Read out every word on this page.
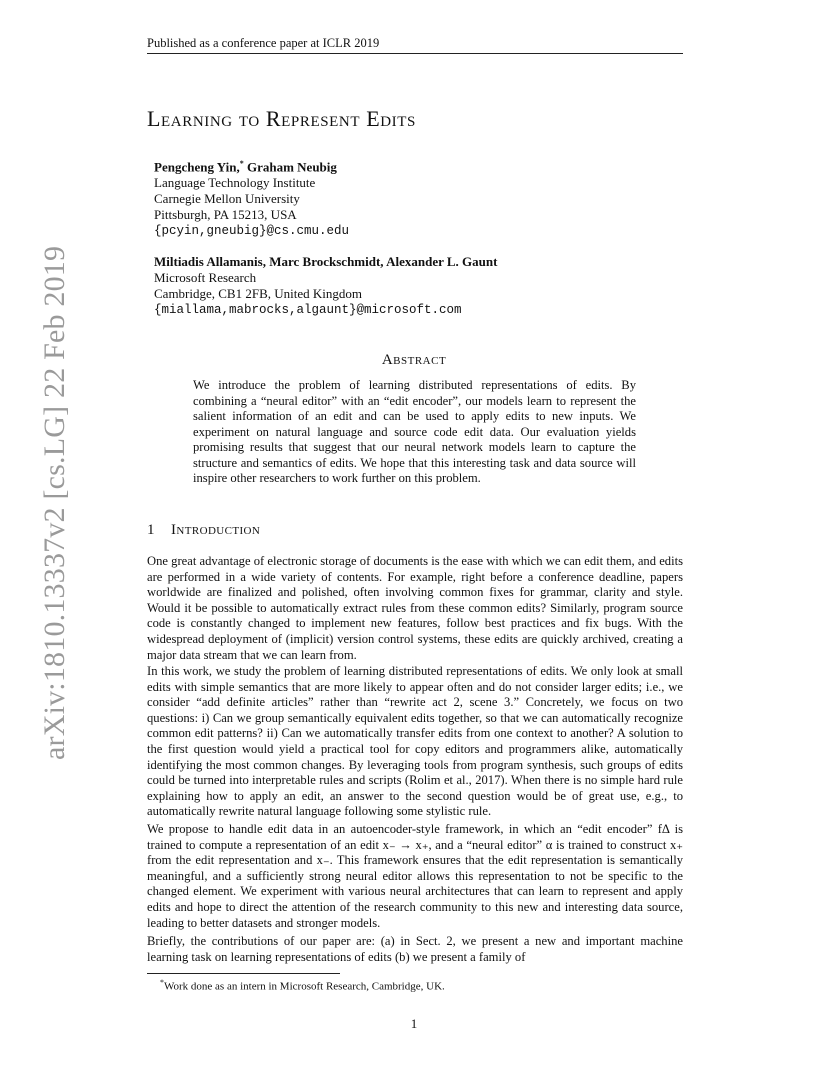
Published as a conference paper at ICLR 2019
arXiv:1810.13337v2 [cs.LG] 22 Feb 2019
Learning to Represent Edits
Pengcheng Yin,* Graham Neubig
Language Technology Institute
Carnegie Mellon University
Pittsburgh, PA 15213, USA
{pcyin,gneubig}@cs.cmu.edu
Miltiadis Allamanis, Marc Brockschmidt, Alexander L. Gaunt
Microsoft Research
Cambridge, CB1 2FB, United Kingdom
{miallama,mabrocks,algaunt}@microsoft.com
Abstract
We introduce the problem of learning distributed representations of edits. By combining a “neural editor” with an “edit encoder”, our models learn to represent the salient information of an edit and can be used to apply edits to new inputs. We experiment on natural language and source code edit data. Our evaluation yields promising results that suggest that our neural network models learn to capture the structure and semantics of edits. We hope that this interesting task and data source will inspire other researchers to work further on this problem.
1 Introduction
One great advantage of electronic storage of documents is the ease with which we can edit them, and edits are performed in a wide variety of contents. For example, right before a conference deadline, papers worldwide are finalized and polished, often involving common fixes for grammar, clarity and style. Would it be possible to automatically extract rules from these common edits? Similarly, program source code is constantly changed to implement new features, follow best practices and fix bugs. With the widespread deployment of (implicit) version control systems, these edits are quickly archived, creating a major data stream that we can learn from.
In this work, we study the problem of learning distributed representations of edits. We only look at small edits with simple semantics that are more likely to appear often and do not consider larger edits; i.e., we consider “add definite articles” rather than “rewrite act 2, scene 3.” Concretely, we focus on two questions: i) Can we group semantically equivalent edits together, so that we can automatically recognize common edit patterns? ii) Can we automatically transfer edits from one context to another? A solution to the first question would yield a practical tool for copy editors and programmers alike, automatically identifying the most common changes. By leveraging tools from program synthesis, such groups of edits could be turned into interpretable rules and scripts (Rolim et al., 2017). When there is no simple hard rule explaining how to apply an edit, an answer to the second question would be of great use, e.g., to automatically rewrite natural language following some stylistic rule.
We propose to handle edit data in an autoencoder-style framework, in which an “edit encoder” fΔ is trained to compute a representation of an edit x₋ → x₊, and a “neural editor” α is trained to construct x₊ from the edit representation and x₋. This framework ensures that the edit representation is semantically meaningful, and a sufficiently strong neural editor allows this representation to not be specific to the changed element. We experiment with various neural architectures that can learn to represent and apply edits and hope to direct the attention of the research community to this new and interesting data source, leading to better datasets and stronger models.
Briefly, the contributions of our paper are: (a) in Sect. 2, we present a new and important machine learning task on learning representations of edits (b) we present a family of
*Work done as an intern in Microsoft Research, Cambridge, UK.
1
